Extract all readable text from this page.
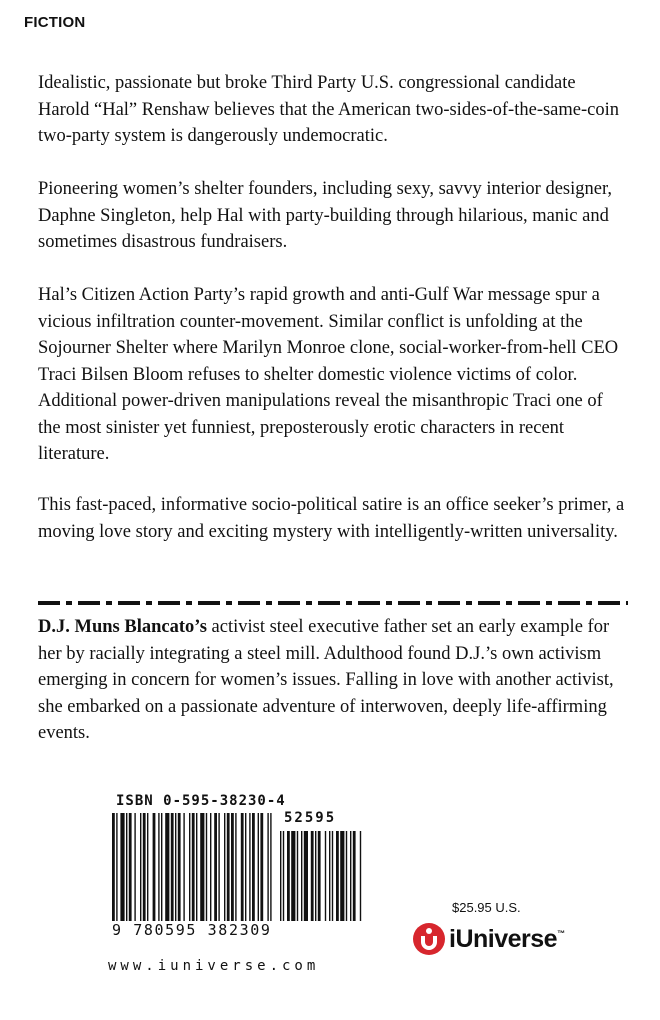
FICTION

Idealistic, passionate but broke Third Party U.S. congressional candidate Harold “Hal” Renshaw believes that the American two-sides-of-the-same-coin two-party system is dangerously undemocratic.

Pioneering women’s shelter founders, including sexy, savvy interior designer, Daphne Singleton, help Hal with party-building through hilarious, manic and sometimes disastrous fundraisers.

Hal’s Citizen Action Party’s rapid growth and anti-Gulf War message spur a vicious infiltration counter-movement. Similar conflict is unfolding at the Sojourner Shelter where Marilyn Monroe clone, social-worker-from-hell CEO Traci Bilsen Bloom refuses to shelter domestic violence victims of color. Additional power-driven manipulations reveal the misanthropic Traci one of the most sinister yet funniest, preposterously erotic characters in recent literature.

This fast-paced, informative socio-political satire is an office seeker’s primer, a moving love story and exciting mystery with intelligently-written universality.

D.J. Muns Blancato’s activist steel executive father set an early example for her by racially integrating a steel mill. Adulthood found D.J.’s own activism emerging in concern for women’s issues. Falling in love with another activist, she embarked on a passionate adventure of interwoven, deeply life-affirming events.

ISBN 0-595-38230-4
52595
9 780595 382309
www.iuniverse.com
$25.95 U.S.
iUniverse™
